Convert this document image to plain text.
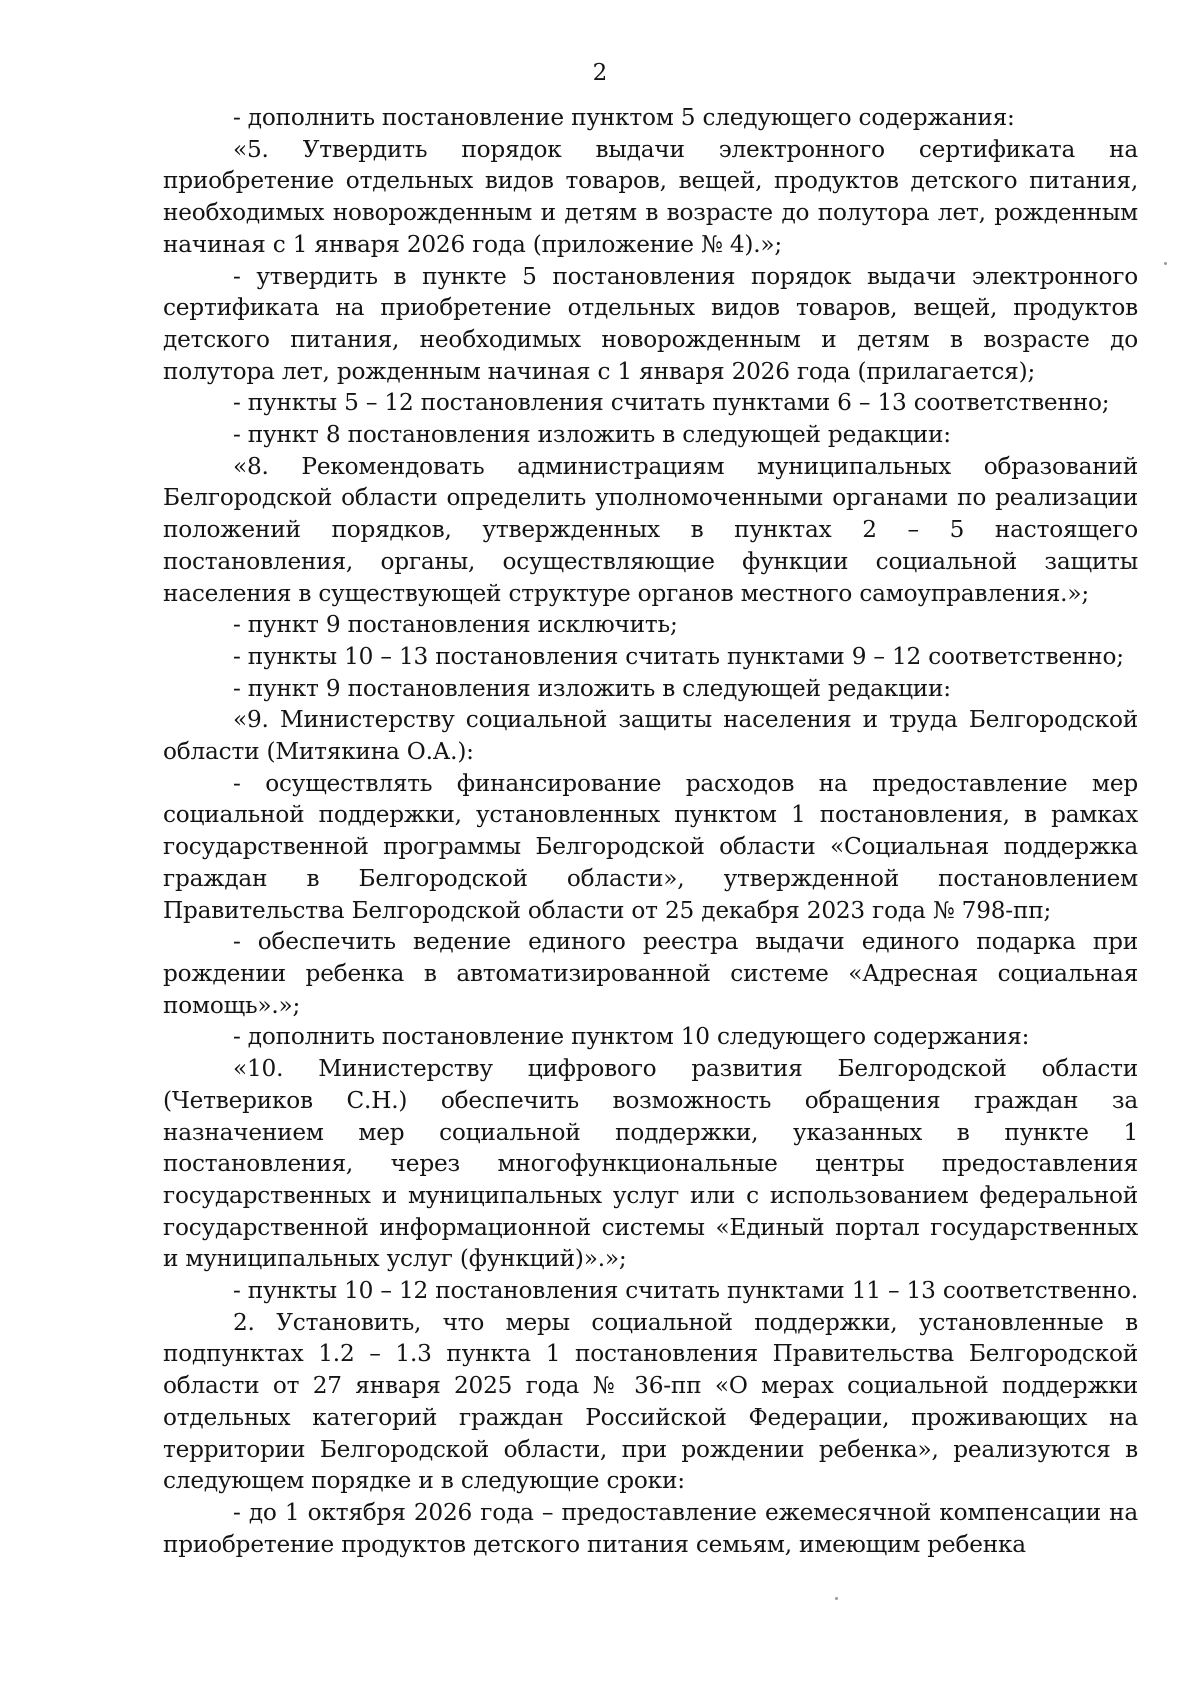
2

- дополнить постановление пунктом 5 следующего содержания:

«5. Утвердить порядок выдачи электронного сертификата на приобретение отдельных видов товаров, вещей, продуктов детского питания, необходимых новорожденным и детям в возрасте до полутора лет, рожденным начиная с 1 января 2026 года (приложение № 4).»;

- утвердить в пункте 5 постановления порядок выдачи электронного сертификата на приобретение отдельных видов товаров, вещей, продуктов детского питания, необходимых новорожденным и детям в возрасте до полутора лет, рожденным начиная с 1 января 2026 года (прилагается);

- пункты 5 – 12 постановления считать пунктами 6 – 13 соответственно;

- пункт 8 постановления изложить в следующей редакции:

«8. Рекомендовать администрациям муниципальных образований Белгородской области определить уполномоченными органами по реализации положений порядков, утвержденных в пунктах 2 – 5 настоящего постановления, органы, осуществляющие функции социальной защиты населения в существующей структуре органов местного самоуправления.»;

- пункт 9 постановления исключить;

- пункты 10 – 13 постановления считать пунктами 9 – 12 соответственно;

- пункт 9 постановления изложить в следующей редакции:

«9. Министерству социальной защиты населения и труда Белгородской области (Митякина О.А.):

- осуществлять финансирование расходов на предоставление мер социальной поддержки, установленных пунктом 1 постановления, в рамках государственной программы Белгородской области «Социальная поддержка граждан в Белгородской области», утвержденной постановлением Правительства Белгородской области от 25 декабря 2023 года № 798-пп;

- обеспечить ведение единого реестра выдачи единого подарка при рождении ребенка в автоматизированной системе «Адресная социальная помощь».»;

- дополнить постановление пунктом 10 следующего содержания:

«10. Министерству цифрового развития Белгородской области (Четвериков С.Н.) обеспечить возможность обращения граждан за назначением мер социальной поддержки, указанных в пункте 1 постановления, через многофункциональные центры предоставления государственных и муниципальных услуг или с использованием федеральной государственной информационной системы «Единый портал государственных и муниципальных услуг (функций)».»;

- пункты 10 – 12 постановления считать пунктами 11 – 13 соответственно.

2. Установить, что меры социальной поддержки, установленные в подпунктах 1.2 – 1.3 пункта 1 постановления Правительства Белгородской области от 27 января 2025 года № 36-пп «О мерах социальной поддержки отдельных категорий граждан Российской Федерации, проживающих на территории Белгородской области, при рождении ребенка», реализуются в следующем порядке и в следующие сроки:

- до 1 октября 2026 года – предоставление ежемесячной компенсации на приобретение продуктов детского питания семьям, имеющим ребенка
